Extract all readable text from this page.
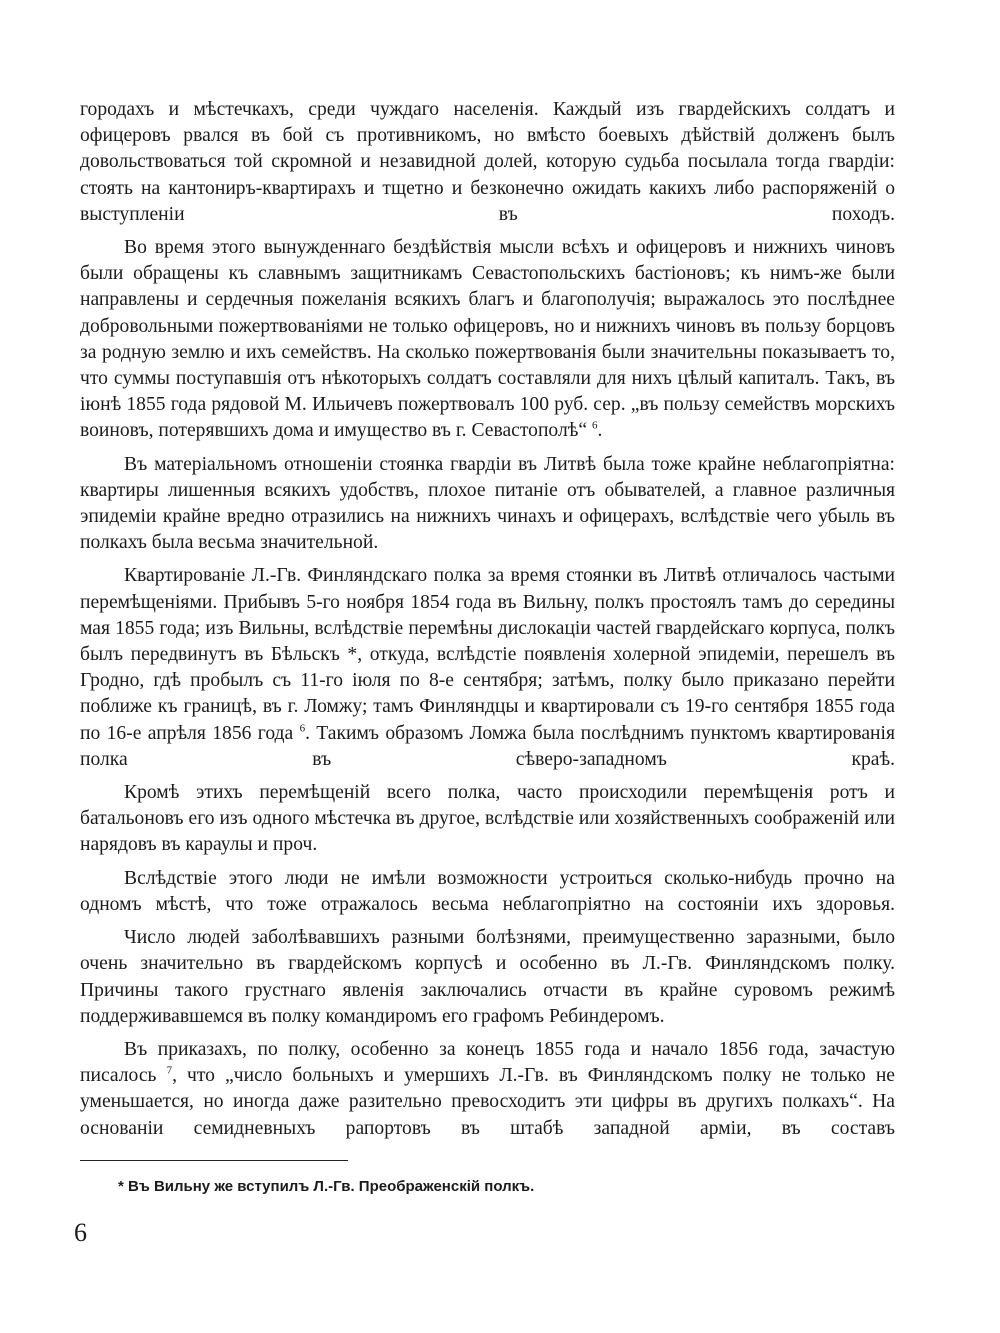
городахъ и мѣстечкахъ, среди чуждаго населенія. Каждый изъ гвардейскихъ солдатъ и офицеровъ рвался въ бой съ противникомъ, но вмѣсто боевыхъ дѣйствій долженъ былъ довольствоваться той скромной и незавидной долей, которую судьба посылала тогда гвардіи: стоять на кантониръ-квартирахъ и тщетно и безконечно ожидать какихъ либо распоряженій о выступленіи въ походъ.

Во время этого вынужденнаго бездѣйствія мысли всѣхъ и офицеровъ и нижнихъ чиновъ были обращены къ славнымъ защитникамъ Севастопольскихъ бастіоновъ; къ нимъ-же были направлены и сердечныя пожеланія всякихъ благъ и благополучія; выражалось это послѣднее добровольными пожертвованіями не только офицеровъ, но и нижнихъ чиновъ въ пользу борцовъ за родную землю и ихъ семействъ. На сколько пожертвованія были значительны показываетъ то, что суммы поступавшія отъ нѣкоторыхъ солдатъ составляли для нихъ цѣлый капиталъ. Такъ, въ іюнѣ 1855 года рядовой М. Ильичевъ пожертвовалъ 100 руб. сер. „въ пользу семействъ морскихъ воиновъ, потерявшихъ дома и имущество въ г. Севастополѣ“ $^6$.

Въ матеріальномъ отношеніи стоянка гвардіи въ Литвѣ была тоже крайне неблагопріятна: квартиры лишенныя всякихъ удобствъ, плохое питаніе отъ обывателей, а главное различныя эпидеміи крайне вредно отразились на нижнихъ чинахъ и офицерахъ, вслѣдствіе чего убыль въ полкахъ была весьма значительной.

Квартированіе Л.-Гв. Финляндскаго полка за время стоянки въ Литвѣ отличалось частыми перемѣщеніями. Прибывъ 5-го ноября 1854 года въ Вильну, полкъ простоялъ тамъ до середины мая 1855 года; изъ Вильны, вслѣдствіе перемѣны дислокаціи частей гвардейскаго корпуса, полкъ былъ передвинутъ въ Бѣльскъ *, откуда, вслѣдстіе появленія холерной эпидеміи, перешелъ въ Гродно, гдѣ пробылъ съ 11-го іюля по 8-е сентября; затѣмъ, полку было приказано перейти поближе къ границѣ, въ г. Ломжу; тамъ Финляндцы и квартировали съ 19-го сентября 1855 года по 16-е апрѣля 1856 года $^6$. Такимъ образомъ Ломжа была послѣднимъ пунктомъ квартированія полка въ сѣверо-западномъ краѣ.

Кромѣ этихъ перемѣщеній всего полка, часто происходили перемѣщенія ротъ и батальоновъ его изъ одного мѣстечка въ другое, вслѣдствіе или хозяйственныхъ соображеній или нарядовъ въ караулы и проч.

Вслѣдствіе этого люди не имѣли возможности устроиться сколько-нибудь прочно на одномъ мѣстѣ, что тоже отражалось весьма неблагопріятно на состояніи ихъ здоровья.

Число людей заболѣвавшихъ разными болѣзнями, преимущественно заразными, было очень значительно въ гвардейскомъ корпусѣ и особенно въ Л.-Гв. Финляндскомъ полку. Причины такого грустнаго явленія заключались отчасти въ крайне суровомъ режимѣ поддерживавшемся въ полку командиромъ его графомъ Ребиндеромъ.

Въ приказахъ, по полку, особенно за конецъ 1855 года и начало 1856 года, зачастую писалось $^7$, что „число больныхъ и умершихъ Л.-Гв. въ Финляндскомъ полку не только не уменьшается, но иногда даже разительно превосходитъ эти цифры въ другихъ полкахъ“. На основаніи семидневныхъ рапортовъ въ штабѣ западной арміи, въ составъ

* Въ Вильну же вступилъ Л.-Гв. Преображенскій полкъ.
6
